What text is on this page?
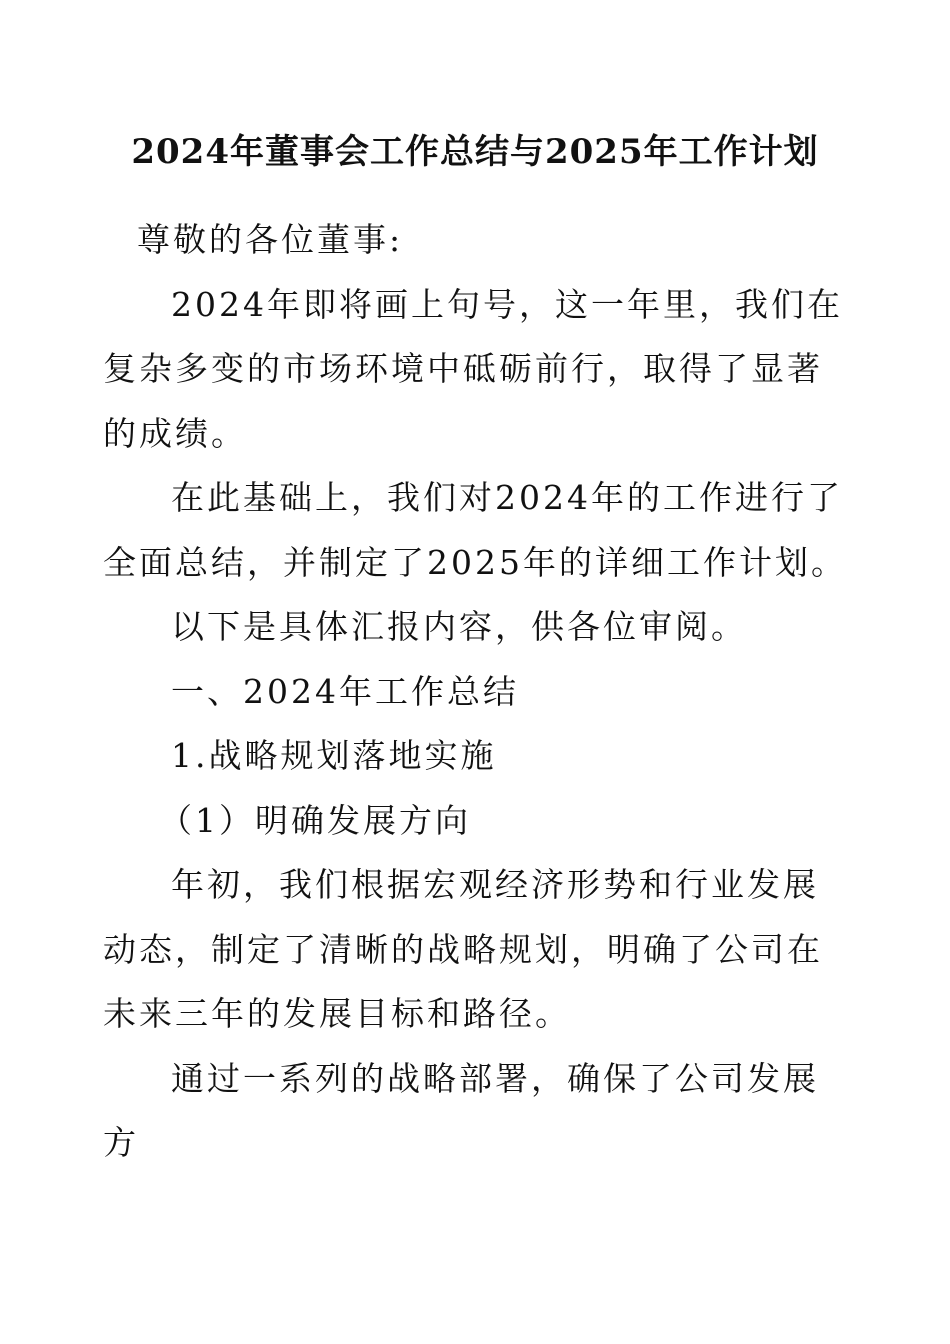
2024年董事会工作总结与2025年工作计划

尊敬的各位董事:

2024年即将画上句号，这一年里，我们在复杂多变的市场环境中砥砺前行，取得了显著的成绩。

在此基础上，我们对2024年的工作进行了全面总结，并制定了2025年的详细工作计划。

以下是具体汇报内容，供各位审阅。

一、2024年工作总结

1.战略规划落地实施

（1）明确发展方向

年初，我们根据宏观经济形势和行业发展动态，制定了清晰的战略规划，明确了公司在未来三年的发展目标和路径。

通过一系列的战略部署，确保了公司发展方
